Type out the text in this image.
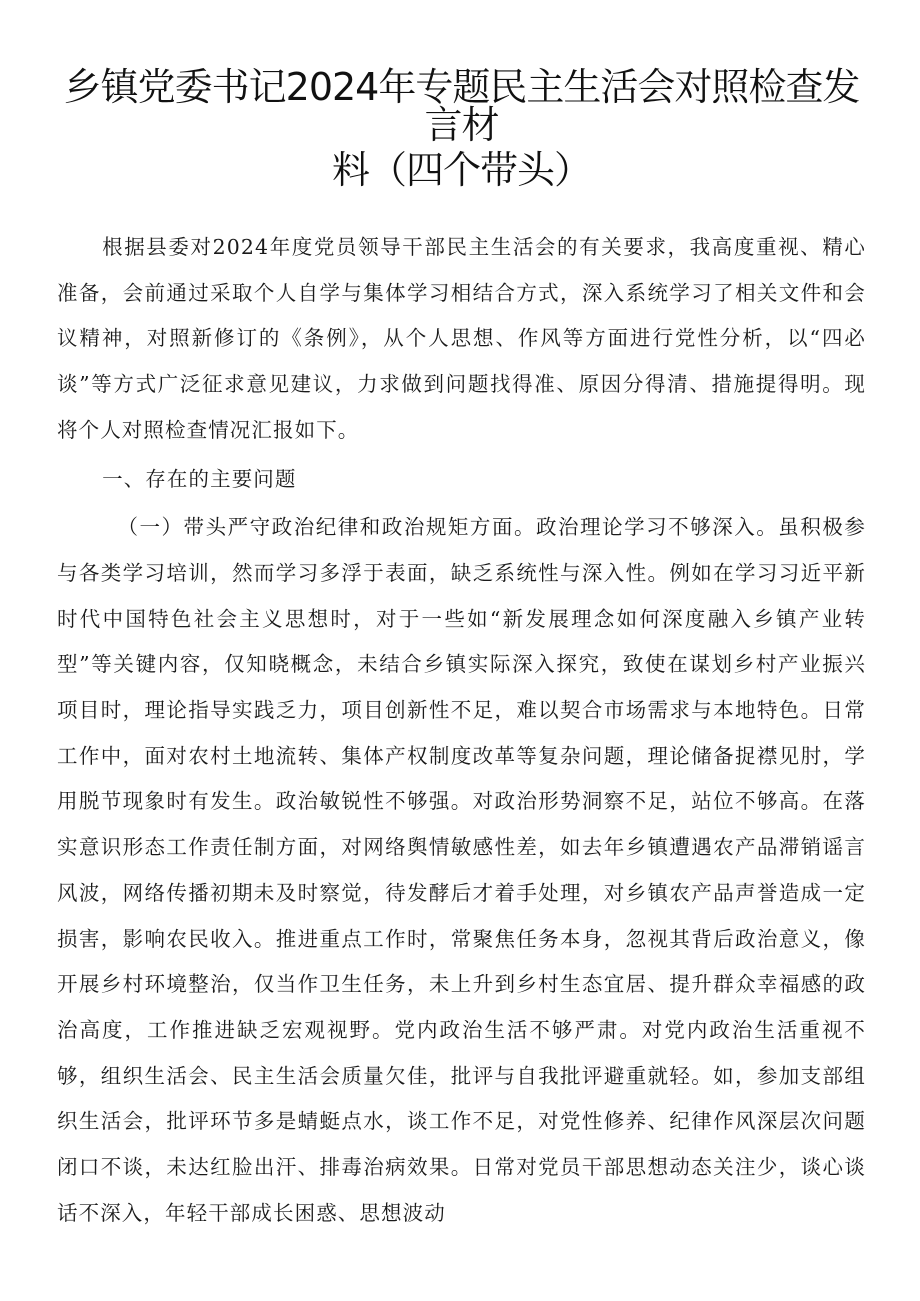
乡镇党委书记2024年专题民主生活会对照检查发言材
料（四个带头）

根据县委对2024年度党员领导干部民主生活会的有关要求，我高度重视、精心准备，会前通过采取个人自学与集体学习相结合方式，深入系统学习了相关文件和会议精神，对照新修订的《条例》，从个人思想、作风等方面进行党性分析，以“四必谈”等方式广泛征求意见建议，力求做到问题找得准、原因分得清、措施提得明。现将个人对照检查情况汇报如下。

一、存在的主要问题

（一）带头严守政治纪律和政治规矩方面。政治理论学习不够深入。虽积极参与各类学习培训，然而学习多浮于表面，缺乏系统性与深入性。例如在学习习近平新时代中国特色社会主义思想时，对于一些如“新发展理念如何深度融入乡镇产业转型”等关键内容，仅知晓概念，未结合乡镇实际深入探究，致使在谋划乡村产业振兴项目时，理论指导实践乏力，项目创新性不足，难以契合市场需求与本地特色。日常工作中，面对农村土地流转、集体产权制度改革等复杂问题，理论储备捉襟见肘，学用脱节现象时有发生。政治敏锐性不够强。对政治形势洞察不足，站位不够高。在落实意识形态工作责任制方面，对网络舆情敏感性差，如去年乡镇遭遇农产品滞销谣言风波，网络传播初期未及时察觉，待发酵后才着手处理，对乡镇农产品声誉造成一定损害，影响农民收入。推进重点工作时，常聚焦任务本身，忽视其背后政治意义，像开展乡村环境整治，仅当作卫生任务，未上升到乡村生态宜居、提升群众幸福感的政治高度，工作推进缺乏宏观视野。党内政治生活不够严肃。对党内政治生活重视不够，组织生活会、民主生活会质量欠佳，批评与自我批评避重就轻。如，参加支部组织生活会，批评环节多是蜻蜓点水，谈工作不足，对党性修养、纪律作风深层次问题闭口不谈，未达红脸出汗、排毒治病效果。日常对党员干部思想动态关注少，谈心谈话不深入，年轻干部成长困惑、思想波动
